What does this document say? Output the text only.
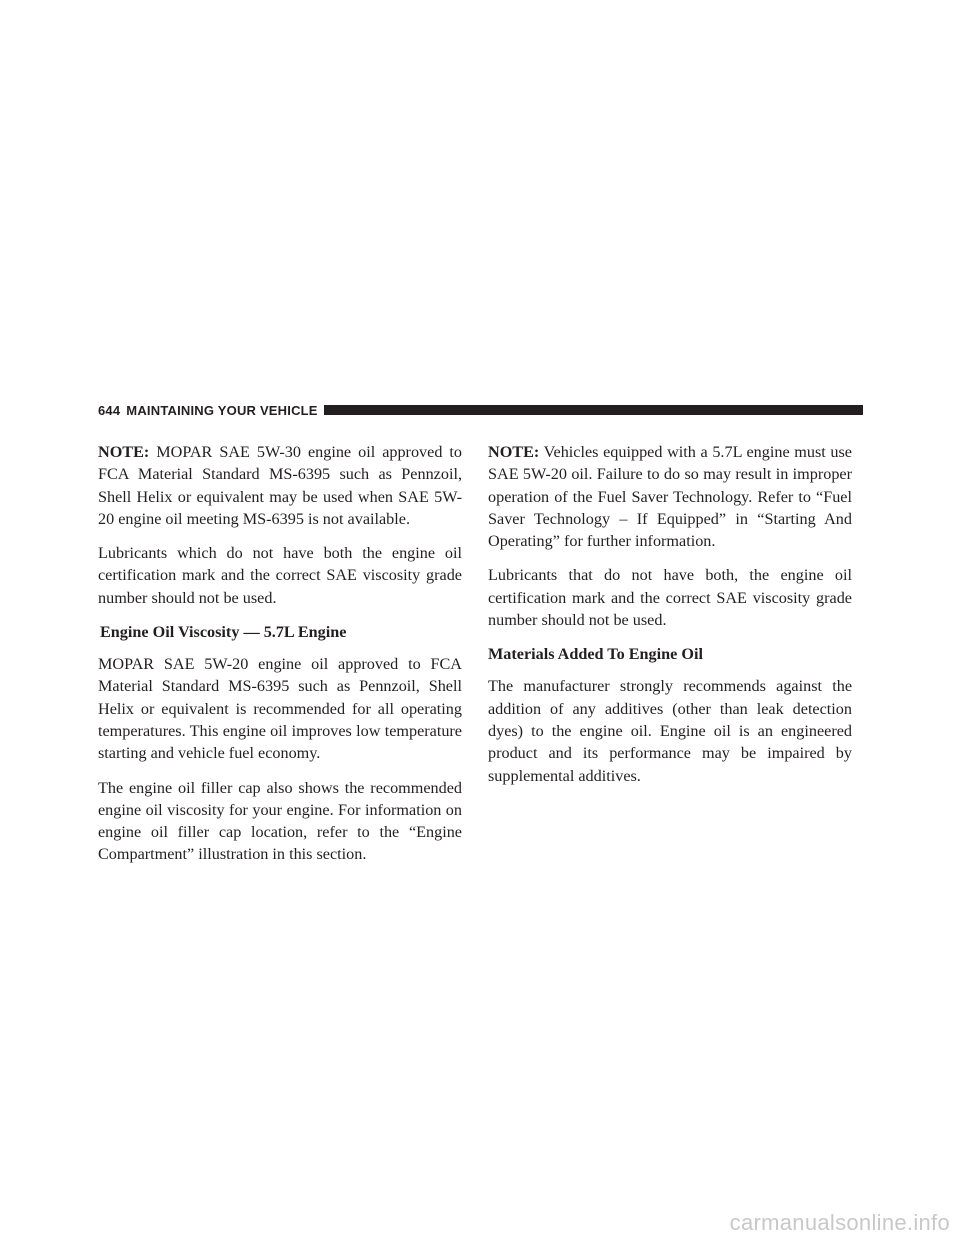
644 MAINTAINING YOUR VEHICLE

NOTE: MOPAR SAE 5W-30 engine oil approved to FCA Material Standard MS-6395 such as Pennzoil, Shell Helix or equivalent may be used when SAE 5W-20 engine oil meeting MS-6395 is not available.

Lubricants which do not have both the engine oil certification mark and the correct SAE viscosity grade number should not be used.

Engine Oil Viscosity — 5.7L Engine

MOPAR SAE 5W-20 engine oil approved to FCA Material Standard MS-6395 such as Pennzoil, Shell Helix or equivalent is recommended for all operating temperatures. This engine oil improves low temperature starting and vehicle fuel economy.

The engine oil filler cap also shows the recommended engine oil viscosity for your engine. For information on engine oil filler cap location, refer to the “Engine Compartment” illustration in this section.

NOTE: Vehicles equipped with a 5.7L engine must use SAE 5W-20 oil. Failure to do so may result in improper operation of the Fuel Saver Technology. Refer to “Fuel Saver Technology – If Equipped” in “Starting And Operating” for further information.

Lubricants that do not have both, the engine oil certification mark and the correct SAE viscosity grade number should not be used.

Materials Added To Engine Oil

The manufacturer strongly recommends against the addition of any additives (other than leak detection dyes) to the engine oil. Engine oil is an engineered product and its performance may be impaired by supplemental additives.

carmanualsonline.info
